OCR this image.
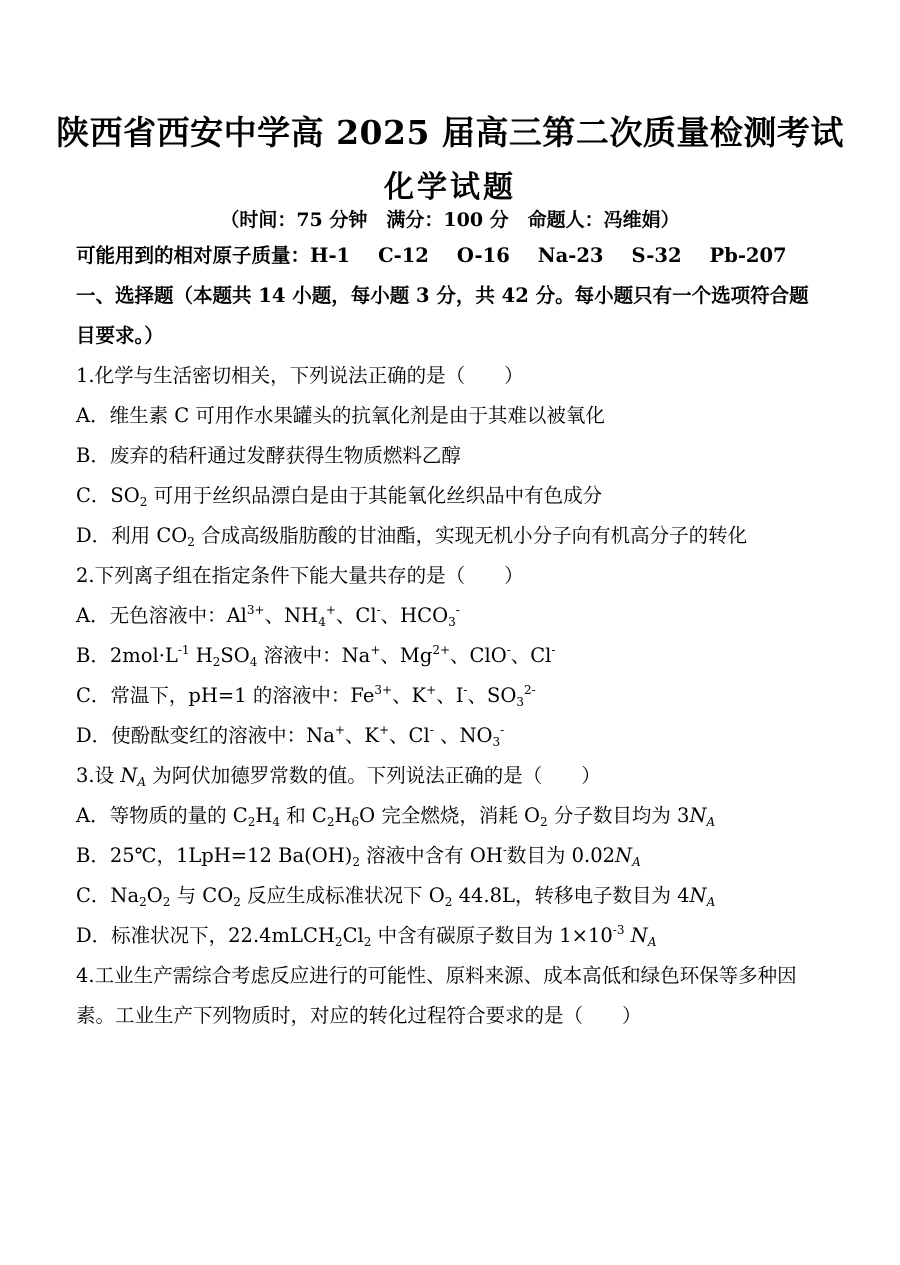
陕西省西安中学高 2025 届高三第二次质量检测考试
化学试题
（时间：75 分钟　满分：100 分　命题人：冯维娟）
可能用到的相对原子质量：H-1 C-12 O-16 Na-23 S-32 Pb-207
一、选择题（本题共 14 小题，每小题 3 分，共 42 分。每小题只有一个选项符合题
目要求。）
1.化学与生活密切相关，下列说法正确的是（　　）
A．维生素 C 可用作水果罐头的抗氧化剂是由于其难以被氧化
B．废弃的秸秆通过发酵获得生物质燃料乙醇
C．$SO_2$ 可用于丝织品漂白是由于其能氧化丝织品中有色成分
D．利用 $CO_2$ 合成高级脂肪酸的甘油酯，实现无机小分子向有机高分子的转化
2.下列离子组在指定条件下能大量共存的是（　　）
A．无色溶液中：$Al^{3+}$、$NH_4^+$、Cl-、$HCO_3^-$
B．$2mol\cdot L^{-1}$ $H_2SO_4$ 溶液中：Na+、$Mg^{2+}$、ClO-、Cl-
C．常温下，pH=1 的溶液中：$Fe^{3+}$、K+、I-、$SO_3^{2-}$
D．使酚酞变红的溶液中：Na+、K+、Cl- 、$NO_3^-$
3.设 $N_A$ 为阿伏加德罗常数的值。下列说法正确的是（　　）
A．等物质的量的 $C_2H_4$ 和 $C_2H_6O$ 完全燃烧，消耗 $O_2$ 分子数目均为 $3N_A$
B．25℃，1LpH=12 $Ba(OH)_2$ 溶液中含有 OH-数目为 $0.02N_A$
C．$Na_2O_2$ 与 $CO_2$ 反应生成标准状况下 $O_2$ 44.8L，转移电子数目为 $4N_A$
D．标准状况下，$22.4mLCH_2Cl_2$ 中含有碳原子数目为 $1\times 10^{-3}$ $N_A$
4.工业生产需综合考虑反应进行的可能性、原料来源、成本高低和绿色环保等多种因
素。工业生产下列物质时，对应的转化过程符合要求的是（　　）
